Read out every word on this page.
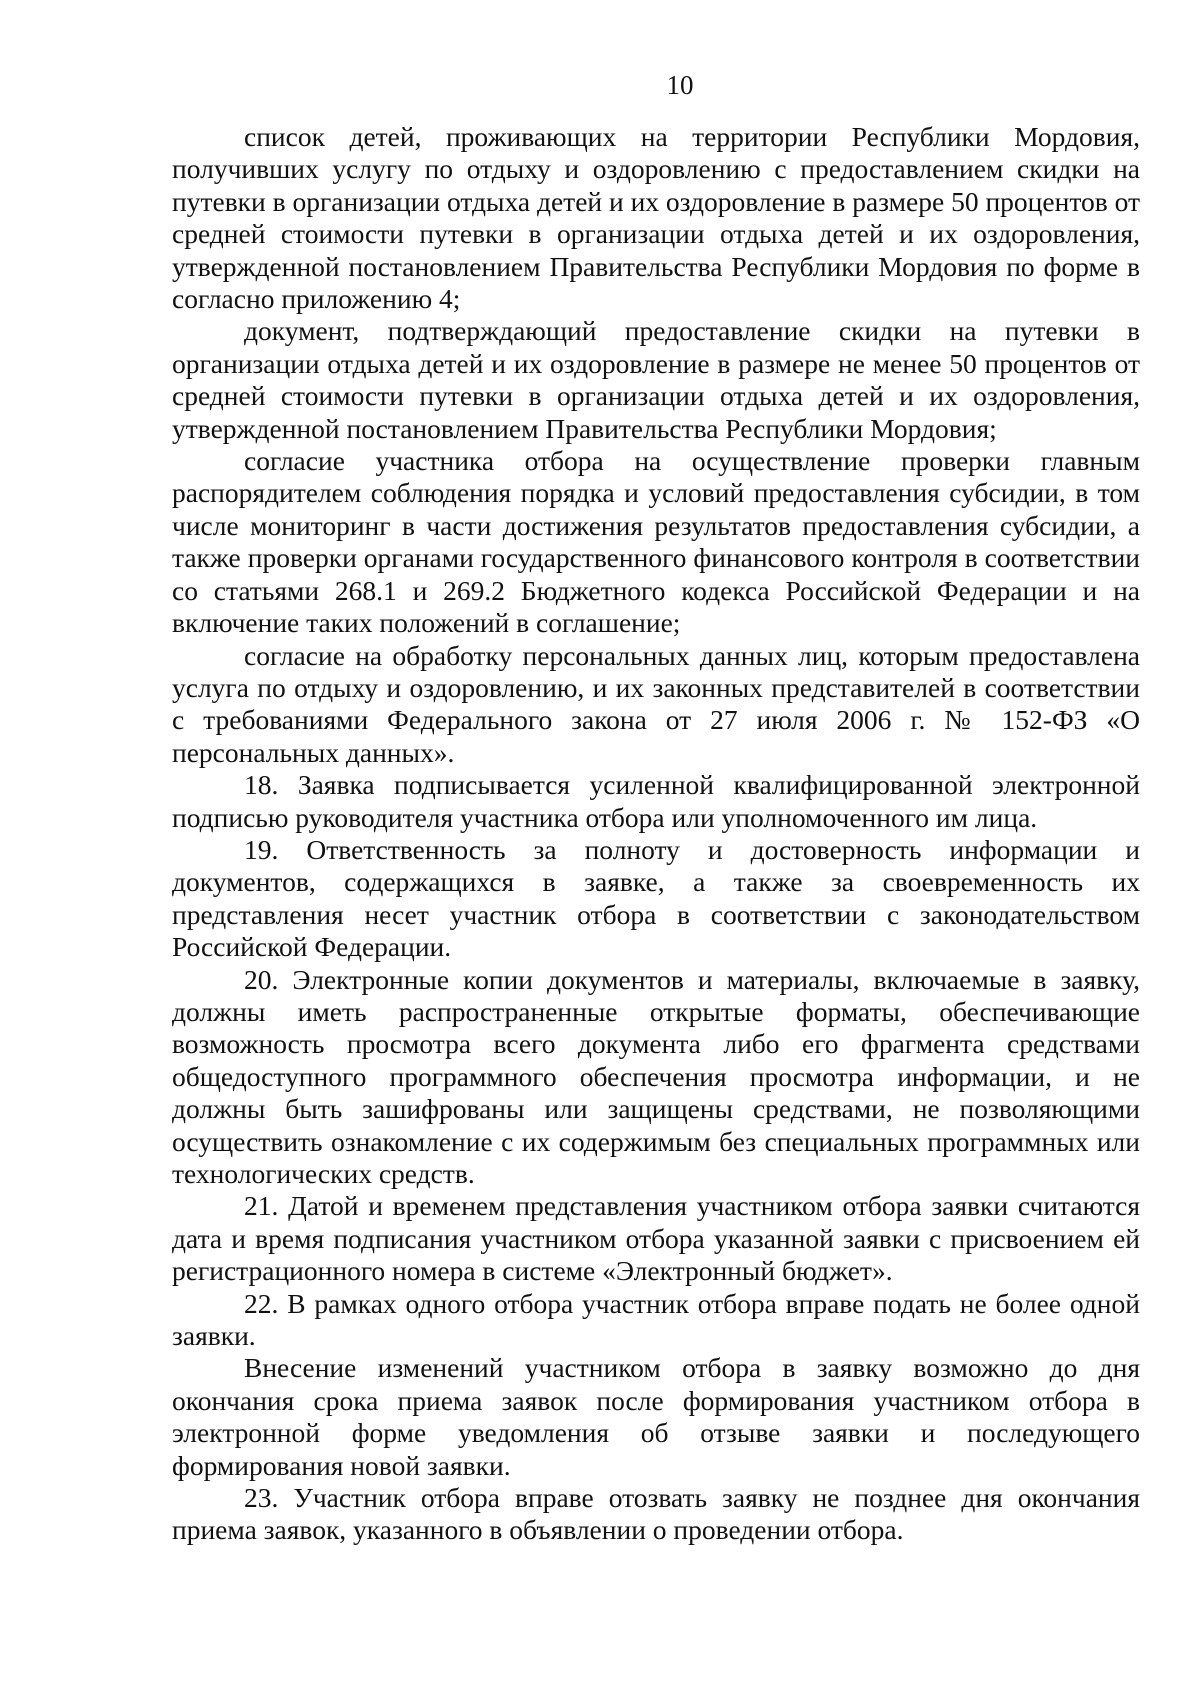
10

список детей, проживающих на территории Республики Мордовия, получивших услугу по отдыху и оздоровлению с предоставлением скидки на путевки в организации отдыха детей и их оздоровление в размере 50 процентов от средней стоимости путевки в организации отдыха детей и их оздоровления, утвержденной постановлением Правительства Республики Мордовия по форме в согласно приложению 4;

документ, подтверждающий предоставление скидки на путевки в организации отдыха детей и их оздоровление в размере не менее 50 процентов от средней стоимости путевки в организации отдыха детей и их оздоровления, утвержденной постановлением Правительства Республики Мордовия;

согласие участника отбора на осуществление проверки главным распорядителем соблюдения порядка и условий предоставления субсидии, в том числе мониторинг в части достижения результатов предоставления субсидии, а также проверки органами государственного финансового контроля в соответствии со статьями 268.1 и 269.2 Бюджетного кодекса Российской Федерации и на включение таких положений в соглашение;

согласие на обработку персональных данных лиц, которым предоставлена услуга по отдыху и оздоровлению, и их законных представителей в соответствии с требованиями Федерального закона от 27 июля 2006 г. № 152-ФЗ «О персональных данных».

18. Заявка подписывается усиленной квалифицированной электронной подписью руководителя участника отбора или уполномоченного им лица.

19. Ответственность за полноту и достоверность информации и документов, содержащихся в заявке, а также за своевременность их представления несет участник отбора в соответствии с законодательством Российской Федерации.

20. Электронные копии документов и материалы, включаемые в заявку, должны иметь распространенные открытые форматы, обеспечивающие возможность просмотра всего документа либо его фрагмента средствами общедоступного программного обеспечения просмотра информации, и не должны быть зашифрованы или защищены средствами, не позволяющими осуществить ознакомление с их содержимым без специальных программных или технологических средств.

21. Датой и временем представления участником отбора заявки считаются дата и время подписания участником отбора указанной заявки с присвоением ей регистрационного номера в системе «Электронный бюджет».

22. В рамках одного отбора участник отбора вправе подать не более одной заявки.

Внесение изменений участником отбора в заявку возможно до дня окончания срока приема заявок после формирования участником отбора в электронной форме уведомления об отзыве заявки и последующего формирования новой заявки.

23. Участник отбора вправе отозвать заявку не позднее дня окончания приема заявок, указанного в объявлении о проведении отбора.
